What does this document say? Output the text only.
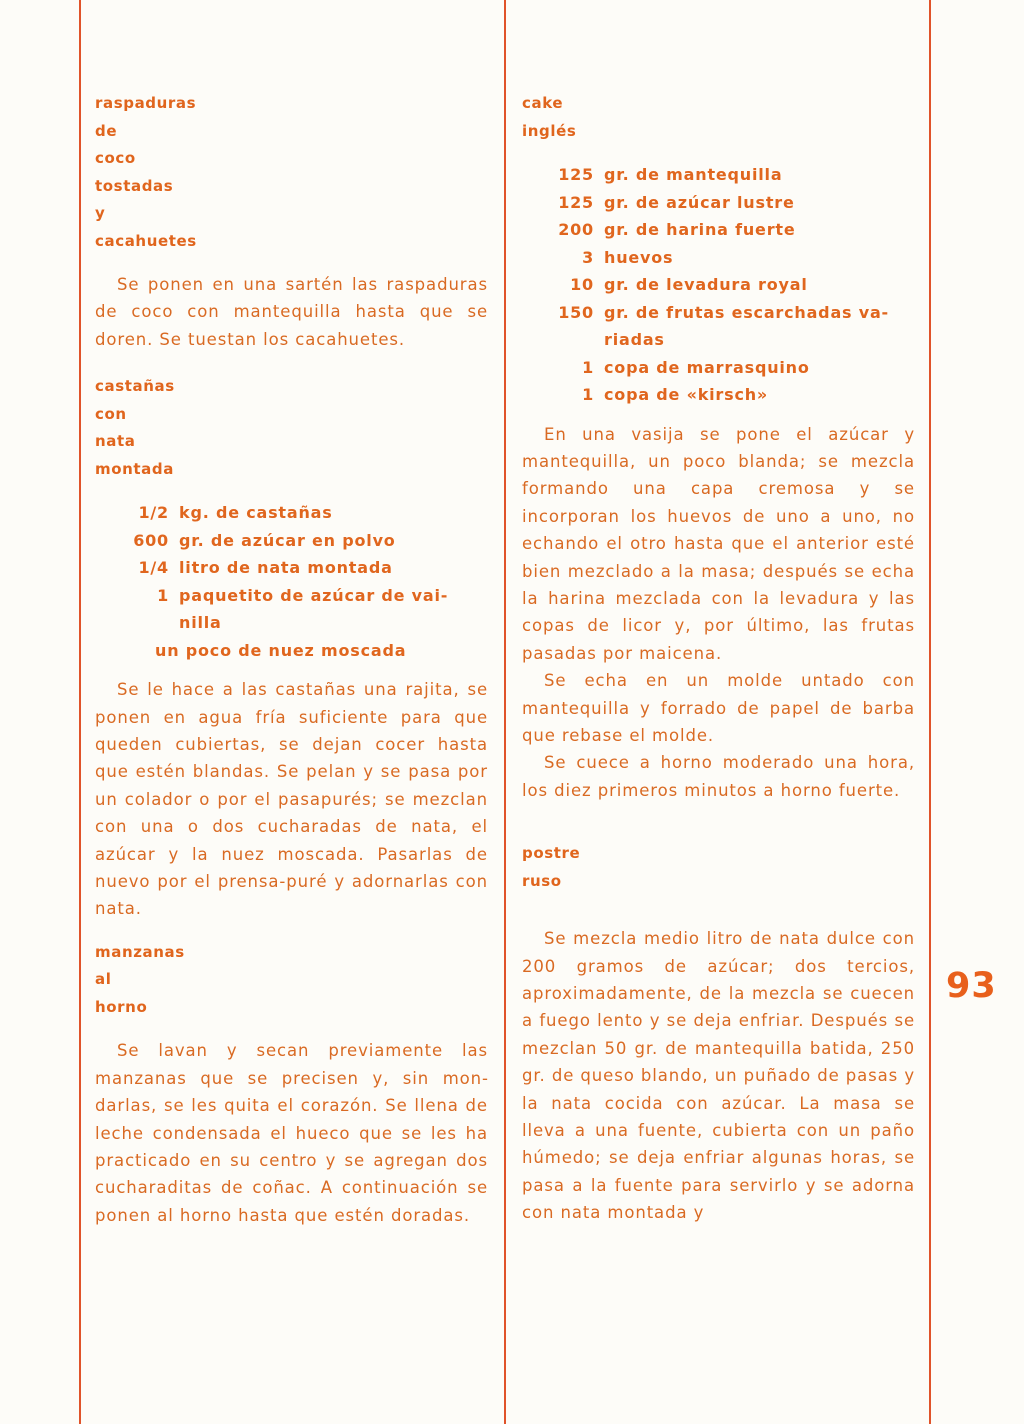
raspaduras
de
coco
tostadas
y
cacahuetes

Se ponen en una sartén las raspaduras de coco con mantequilla hasta que se doren. Se tuestan los cacahuetes.

castañas
con
nata
montada
1/2 kg. de castañas
600 gr. de azúcar en polvo
1/4 litro de nata montada
1 paquetito de azúcar de vai-nilla
un poco de nuez moscada

Se le hace a las castañas una rajita, se ponen en agua fría suficiente para que queden cubiertas, se dejan cocer hasta que estén blandas. Se pelan y se pasa por un colador o por el pasapurés; se mezclan con una o dos cucharadas de nata, el azúcar y la nuez moscada. Pasarlas de nuevo por el prensa-puré y adornarlas con nata.

manzanas
al
horno

Se lavan y secan previamente las manzanas que se precisen y, sin mondarlas, se les quita el corazón. Se llena de leche condensada el hueco que se les ha practicado en su centro y se agregan dos cucharaditas de coñac. A continuación se ponen al horno hasta que estén doradas.

cake
inglés
125 gr. de mantequilla
125 gr. de azúcar lustre
200 gr. de harina fuerte
3 huevos
10 gr. de levadura royal
150 gr. de frutas escarchadas va-riadas
1 copa de marrasquino
1 copa de «kirsch»

En una vasija se pone el azúcar y mantequilla, un poco blanda; se mezcla formando una capa cremosa y se incorporan los huevos de uno a uno, no echando el otro hasta que el anterior esté bien mezclado a la masa; después se echa la harina mezclada con la levadura y las copas de licor y, por último, las frutas pasadas por maicena.

Se echa en un molde untado con mantequilla y forrado de papel de barba que rebase el molde.

Se cuece a horno moderado una hora, los diez primeros minutos a horno fuerte.

postre
ruso

Se mezcla medio litro de nata dulce con 200 gramos de azúcar; dos tercios, aproximadamente, de la mezcla se cuecen a fuego lento y se deja enfriar. Después se mezclan 50 gr. de mantequilla batida, 250 gr. de queso blando, un puñado de pasas y la nata cocida con azúcar. La masa se lleva a una fuente, cubierta con un paño húmedo; se deja enfriar algunas horas, se pasa a la fuente para servirlo y se adorna con nata montada y

93
